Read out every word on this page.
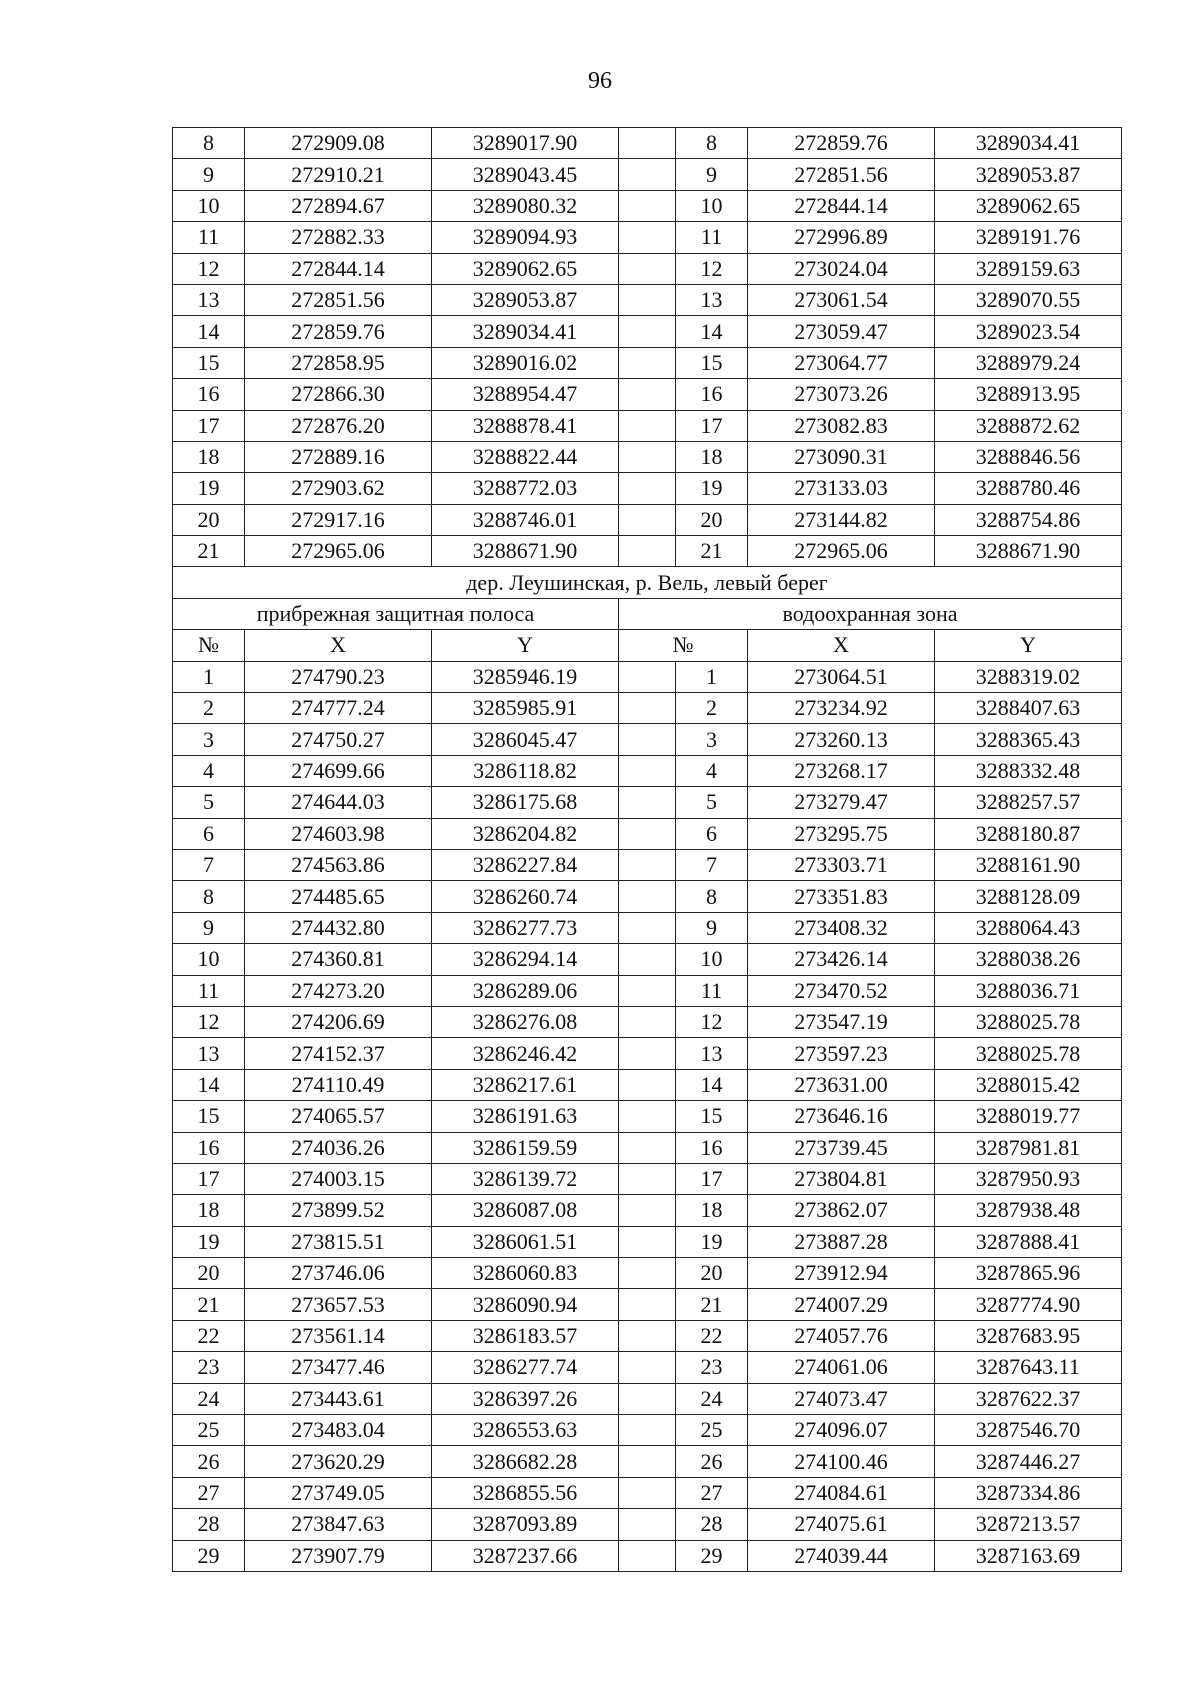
96
8	272909.08	3289017.90		8	272859.76	3289034.41
9	272910.21	3289043.45		9	272851.56	3289053.87
10	272894.67	3289080.32		10	272844.14	3289062.65
11	272882.33	3289094.93		11	272996.89	3289191.76
12	272844.14	3289062.65		12	273024.04	3289159.63
13	272851.56	3289053.87		13	273061.54	3289070.55
14	272859.76	3289034.41		14	273059.47	3289023.54
15	272858.95	3289016.02		15	273064.77	3288979.24
16	272866.30	3288954.47		16	273073.26	3288913.95
17	272876.20	3288878.41		17	273082.83	3288872.62
18	272889.16	3288822.44		18	273090.31	3288846.56
19	272903.62	3288772.03		19	273133.03	3288780.46
20	272917.16	3288746.01		20	273144.82	3288754.86
21	272965.06	3288671.90		21	272965.06	3288671.90
дер. Леушинская, р. Вель, левый берег						
прибрежная защитная полоса			водоохранная зона			
№	X	Y	№		X	Y
1	274790.23	3285946.19		1	273064.51	3288319.02
2	274777.24	3285985.91		2	273234.92	3288407.63
3	274750.27	3286045.47		3	273260.13	3288365.43
4	274699.66	3286118.82		4	273268.17	3288332.48
5	274644.03	3286175.68		5	273279.47	3288257.57
6	274603.98	3286204.82		6	273295.75	3288180.87
7	274563.86	3286227.84		7	273303.71	3288161.90
8	274485.65	3286260.74		8	273351.83	3288128.09
9	274432.80	3286277.73		9	273408.32	3288064.43
10	274360.81	3286294.14		10	273426.14	3288038.26
11	274273.20	3286289.06		11	273470.52	3288036.71
12	274206.69	3286276.08		12	273547.19	3288025.78
13	274152.37	3286246.42		13	273597.23	3288025.78
14	274110.49	3286217.61		14	273631.00	3288015.42
15	274065.57	3286191.63		15	273646.16	3288019.77
16	274036.26	3286159.59		16	273739.45	3287981.81
17	274003.15	3286139.72		17	273804.81	3287950.93
18	273899.52	3286087.08		18	273862.07	3287938.48
19	273815.51	3286061.51		19	273887.28	3287888.41
20	273746.06	3286060.83		20	273912.94	3287865.96
21	273657.53	3286090.94		21	274007.29	3287774.90
22	273561.14	3286183.57		22	274057.76	3287683.95
23	273477.46	3286277.74		23	274061.06	3287643.11
24	273443.61	3286397.26		24	274073.47	3287622.37
25	273483.04	3286553.63		25	274096.07	3287546.70
26	273620.29	3286682.28		26	274100.46	3287446.27
27	273749.05	3286855.56		27	274084.61	3287334.86
28	273847.63	3287093.89		28	274075.61	3287213.57
29	273907.79	3287237.66		29	274039.44	3287163.69
